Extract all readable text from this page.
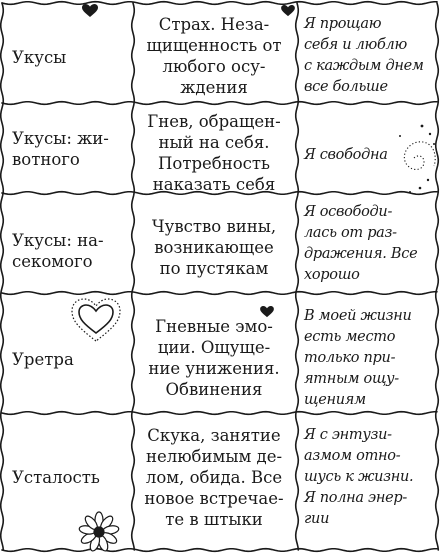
Укусы
Страх. Неза-
щищенность от
любого осу-
ждения
Я прощаю
себя и люблю
с каждым днем
все больше
Укусы: жи-
вотного
Гнев, обращен-
ный на себя.
Потребность
наказать себя
Я свободна
Укусы: на-
секомого
Чувство вины,
возникающее
по пустякам
Я освободи-
лась от раз-
дражения. Все
хорошо
Уретра
Гневные эмо-
ции. Ощуще-
ние унижения.
Обвинения
В моей жизни
есть место
только при-
ятным ощу-
щениям
Усталость
Скука, занятие
нелюбимым де-
лом, обида. Все
новое встречае-
те в штыки
Я с энтузи-
азмом отно-
шусь к жизни.
Я полна энер-
гии
